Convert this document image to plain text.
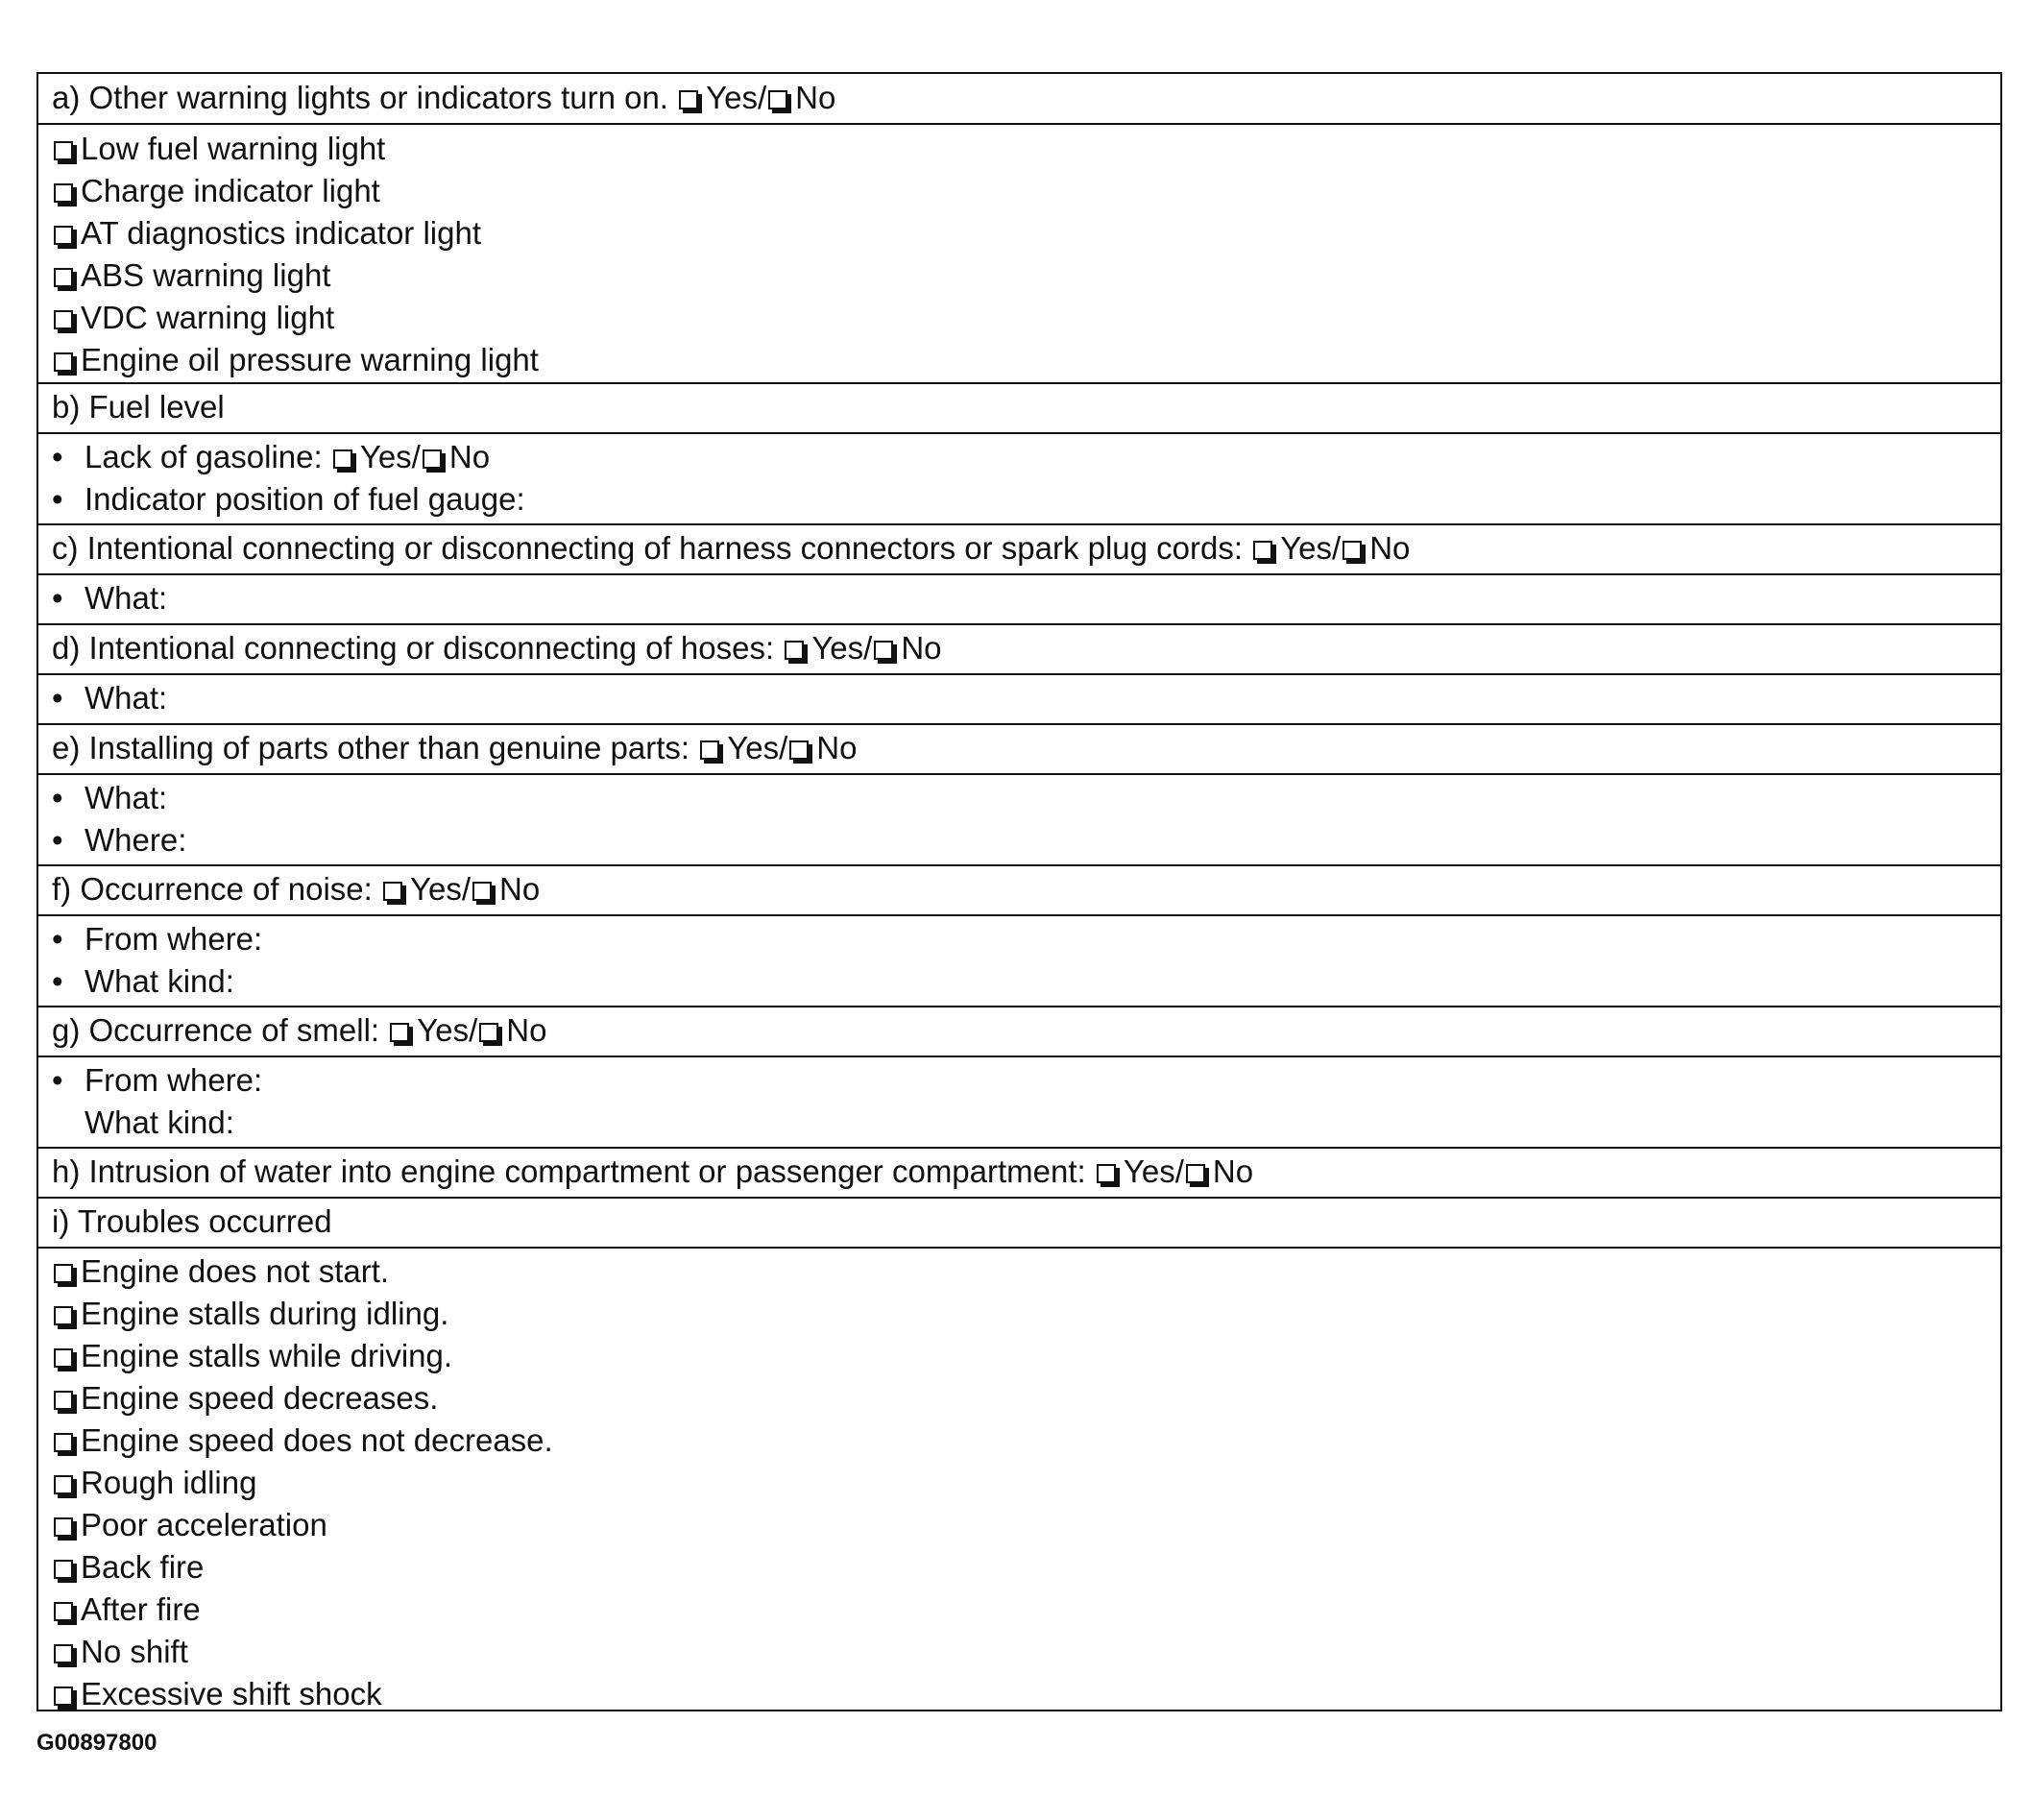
a) Other warning lights or indicators turn on. Yes/ No
Low fuel warning light
Charge indicator light
AT diagnostics indicator light
ABS warning light
VDC warning light
Engine oil pressure warning light
b) Fuel level
• Lack of gasoline: Yes/ No
• Indicator position of fuel gauge:
c) Intentional connecting or disconnecting of harness connectors or spark plug cords: Yes/ No
• What:
d) Intentional connecting or disconnecting of hoses: Yes/ No
• What:
e) Installing of parts other than genuine parts: Yes/ No
• What:
• Where:
f) Occurrence of noise: Yes/ No
• From where:
• What kind:
g) Occurrence of smell: Yes/ No
• From where:
What kind:
h) Intrusion of water into engine compartment or passenger compartment: Yes/ No
i) Troubles occurred
Engine does not start.
Engine stalls during idling.
Engine stalls while driving.
Engine speed decreases.
Engine speed does not decrease.
Rough idling
Poor acceleration
Back fire
After fire
No shift
Excessive shift shock
G00897800
